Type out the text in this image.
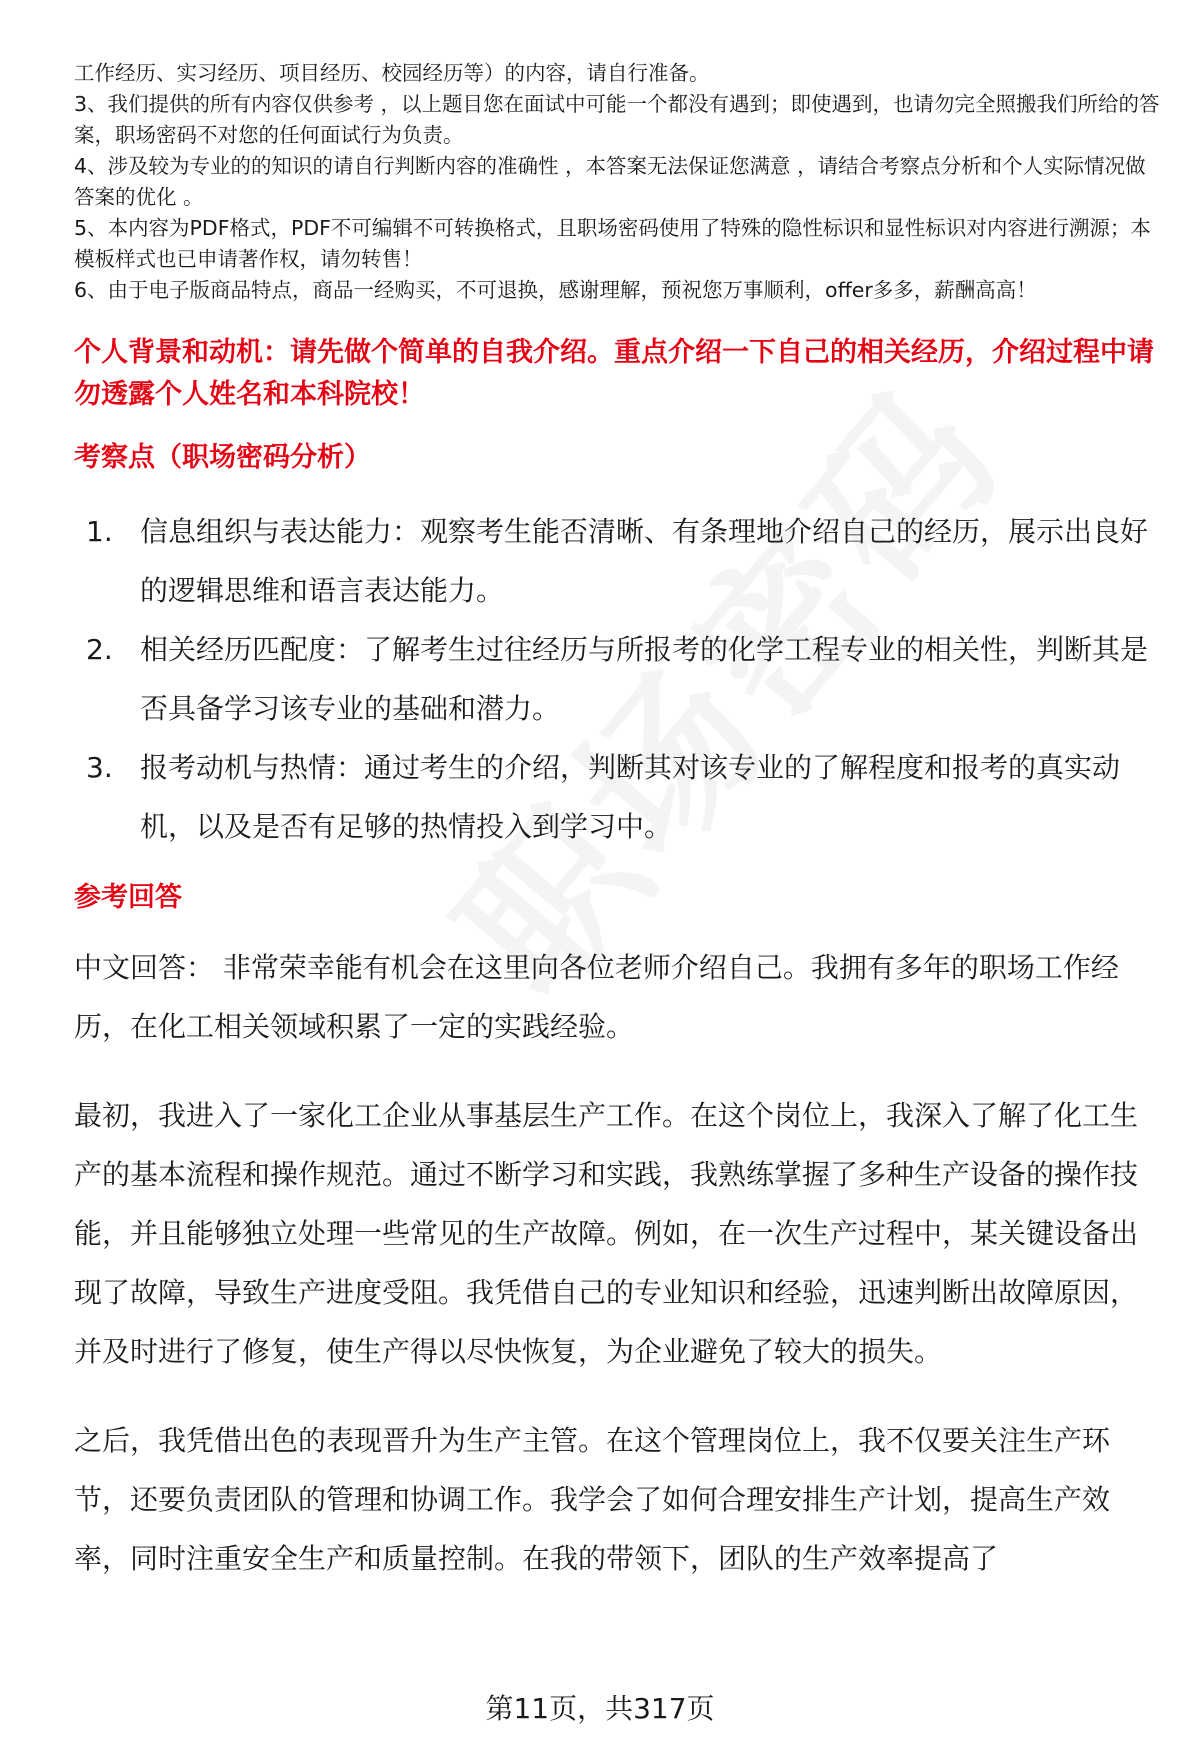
工作经历、实习经历、项目经历、校园经历等）的内容，请自行准备。

3、我们提供的所有内容仅供参考 ，以上题目您在面试中可能一个都没有遇到；即使遇到，也请勿完全照搬我们所给的答案，职场密码不对您的任何面试行为负责。

4、涉及较为专业的的知识的请自行判断内容的准确性 ，本答案无法保证您满意 ，请结合考察点分析和个人实际情况做答案的优化 。

5、本内容为PDF格式，PDF不可编辑不可转换格式，且职场密码使用了特殊的隐性标识和显性标识对内容进行溯源；本模板样式也已申请著作权，请勿转售！

6、由于电子版商品特点，商品一经购买，不可退换，感谢理解，预祝您万事顺利，offer多多，薪酬高高！

个人背景和动机：请先做个简单的自我介绍。重点介绍一下自己的相关经历，介绍过程中请勿透露个人姓名和本科院校！
考察点（职场密码分析）
1. 信息组织与表达能力：观察考生能否清晰、有条理地介绍自己的经历，展示出良好的逻辑思维和语言表达能力。
2. 相关经历匹配度：了解考生过往经历与所报考的化学工程专业的相关性，判断其是否具备学习该专业的基础和潜力。
3. 报考动机与热情：通过考生的介绍，判断其对该专业的了解程度和报考的真实动机，以及是否有足够的热情投入到学习中。
参考回答

中文回答： 非常荣幸能有机会在这里向各位老师介绍自己。我拥有多年的职场工作经历，在化工相关领域积累了一定的实践经验。

最初，我进入了一家化工企业从事基层生产工作。在这个岗位上，我深入了解了化工生产的基本流程和操作规范。通过不断学习和实践，我熟练掌握了多种生产设备的操作技能，并且能够独立处理一些常见的生产故障。例如，在一次生产过程中，某关键设备出现了故障，导致生产进度受阻。我凭借自己的专业知识和经验，迅速判断出故障原因，并及时进行了修复，使生产得以尽快恢复，为企业避免了较大的损失。

之后，我凭借出色的表现晋升为生产主管。在这个管理岗位上，我不仅要关注生产环节，还要负责团队的管理和协调工作。我学会了如何合理安排生产计划，提高生产效率，同时注重安全生产和质量控制。在我的带领下，团队的生产效率提高了

第11页，共317页
